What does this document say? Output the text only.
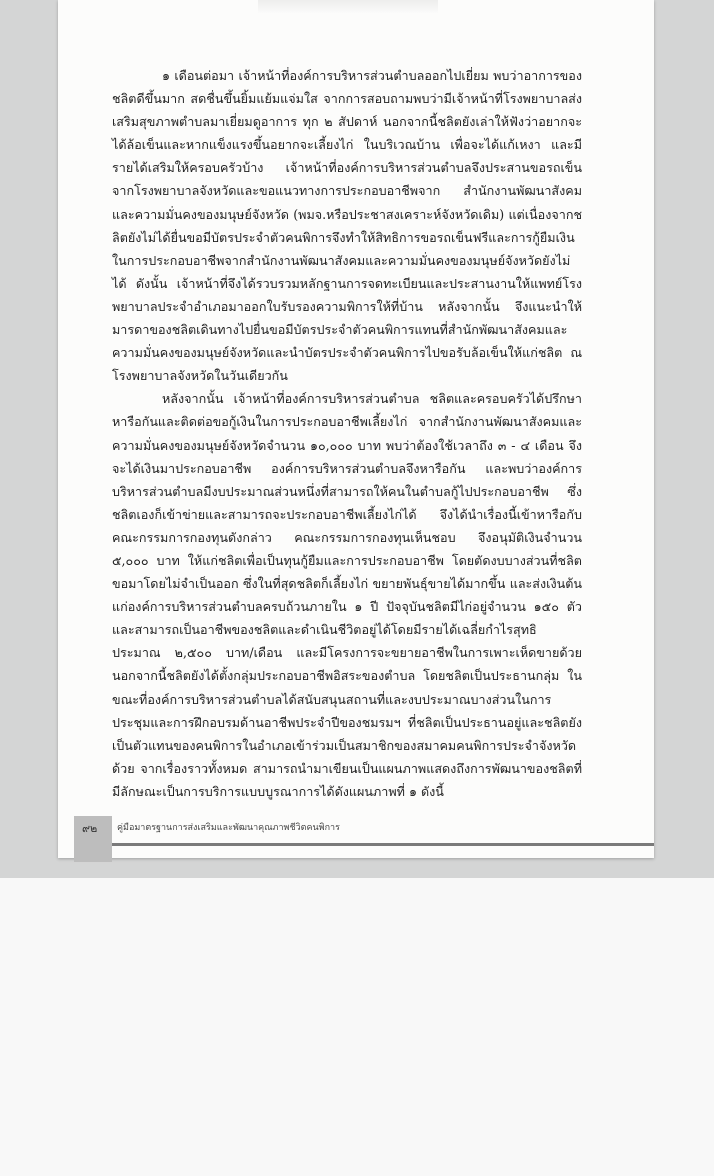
๑ เดือนต่อมา เจ้าหน้าที่องค์การบริหารส่วนตำบลออกไปเยี่ยม พบว่าอาการของชลิตดีขึ้นมาก สดชื่นขึ้นยิ้มแย้มแจ่มใส จากการสอบถามพบว่ามีเจ้าหน้าที่โรงพยาบาลส่งเสริมสุขภาพตำบลมาเยี่ยมดูอาการ ทุก ๒ สัปดาห์ นอกจากนี้ชลิตยังเล่าให้ฟังว่าอยากจะได้ล้อเข็นและหากแข็งแรงขึ้นอยากจะเลี้ยงไก่ ในบริเวณบ้าน เพื่อจะได้แก้เหงา และมีรายได้เสริมให้ครอบครัวบ้าง เจ้าหน้าที่องค์การบริหารส่วนตำบลจึงประสานขอรถเข็นจากโรงพยาบาลจังหวัดและขอแนวทางการประกอบอาชีพจาก สำนักงานพัฒนาสังคมและความมั่นคงของมนุษย์จังหวัด (พมจ.หรือประชาสงเคราะห์จังหวัดเดิม) แต่เนื่องจากชลิตยังไม่ได้ยื่นขอมีบัตรประจำตัวคนพิการจึงทำให้สิทธิการขอรถเข็นฟรีและการกู้ยืมเงินในการประกอบอาชีพจากสำนักงานพัฒนาสังคมและความมั่นคงของมนุษย์จังหวัดยังไม่ได้ ดังนั้น เจ้าหน้าที่จึงได้รวบรวมหลักฐานการจดทะเบียนและประสานงานให้แพทย์โรงพยาบาลประจำอำเภอมาออกใบรับรองความพิการให้ที่บ้าน หลังจากนั้น จึงแนะนำให้มารดาของชลิตเดินทางไปยื่นขอมีบัตรประจำตัวคนพิการแทนที่สำนักพัฒนาสังคมและความมั่นคงของมนุษย์จังหวัดและนำบัตรประจำตัวคนพิการไปขอรับล้อเข็นให้แก่ชลิต ณ โรงพยาบาลจังหวัดในวันเดียวกัน

หลังจากนั้น เจ้าหน้าที่องค์การบริหารส่วนตำบล ชลิตและครอบครัวได้ปรึกษาหารือกันและติดต่อขอกู้เงินในการประกอบอาชีพเลี้ยงไก่ จากสำนักงานพัฒนาสังคมและความมั่นคงของมนุษย์จังหวัดจำนวน ๑๐,๐๐๐ บาท พบว่าต้องใช้เวลาถึง ๓ - ๔ เดือน จึงจะได้เงินมาประกอบอาชีพ องค์การบริหารส่วนตำบลจึงหารือกัน และพบว่าองค์การบริหารส่วนตำบลมีงบประมาณส่วนหนึ่งที่สามารถให้คนในตำบลกู้ไปประกอบอาชีพ ซึ่งชลิตเองก็เข้าข่ายและสามารถจะประกอบอาชีพเลี้ยงไก่ได้ จึงได้นำเรื่องนี้เข้าหารือกับคณะกรรมการกองทุนดังกล่าว คณะกรรมการกองทุนเห็นชอบ จึงอนุมัติเงินจำนวน ๕,๐๐๐ บาท ให้แก่ชลิตเพื่อเป็นทุนกู้ยืมและการประกอบอาชีพ โดยตัดงบบางส่วนที่ชลิตขอมาโดยไม่จำเป็นออก ซึ่งในที่สุดชลิตก็เลี้ยงไก่ ขยายพันธุ์ขายได้มากขึ้น และส่งเงินต้นแก่องค์การบริหารส่วนตำบลครบถ้วนภายใน ๑ ปี ปัจจุบันชลิตมีไก่อยู่จำนวน ๑๕๐ ตัว และสามารถเป็นอาชีพของชลิตและดำเนินชีวิตอยู่ได้โดยมีรายได้เฉลี่ยกำไรสุทธิประมาณ ๒,๕๐๐ บาท/เดือน และมีโครงการจะขยายอาชีพในการเพาะเห็ดขายด้วย นอกจากนี้ชลิตยังได้ตั้งกลุ่มประกอบอาชีพอิสระของตำบล โดยชลิตเป็นประธานกลุ่ม ในขณะที่องค์การบริหารส่วนตำบลได้สนับสนุนสถานที่และงบประมาณบางส่วนในการประชุมและการฝึกอบรมด้านอาชีพประจำปีของชมรมฯ ที่ชลิตเป็นประธานอยู่และชลิตยังเป็นตัวแทนของคนพิการในอำเภอเข้าร่วมเป็นสมาชิกของสมาคมคนพิการประจำจังหวัดด้วย จากเรื่องราวทั้งหมด สามารถนำมาเขียนเป็นแผนภาพแสดงถึงการพัฒนาของชลิตที่มีลักษณะเป็นการบริการแบบบูรณาการได้ดังแผนภาพที่ ๑ ดังนี้

๙๒ คู่มือมาตรฐานการส่งเสริมและพัฒนาคุณภาพชีวิตคนพิการ
